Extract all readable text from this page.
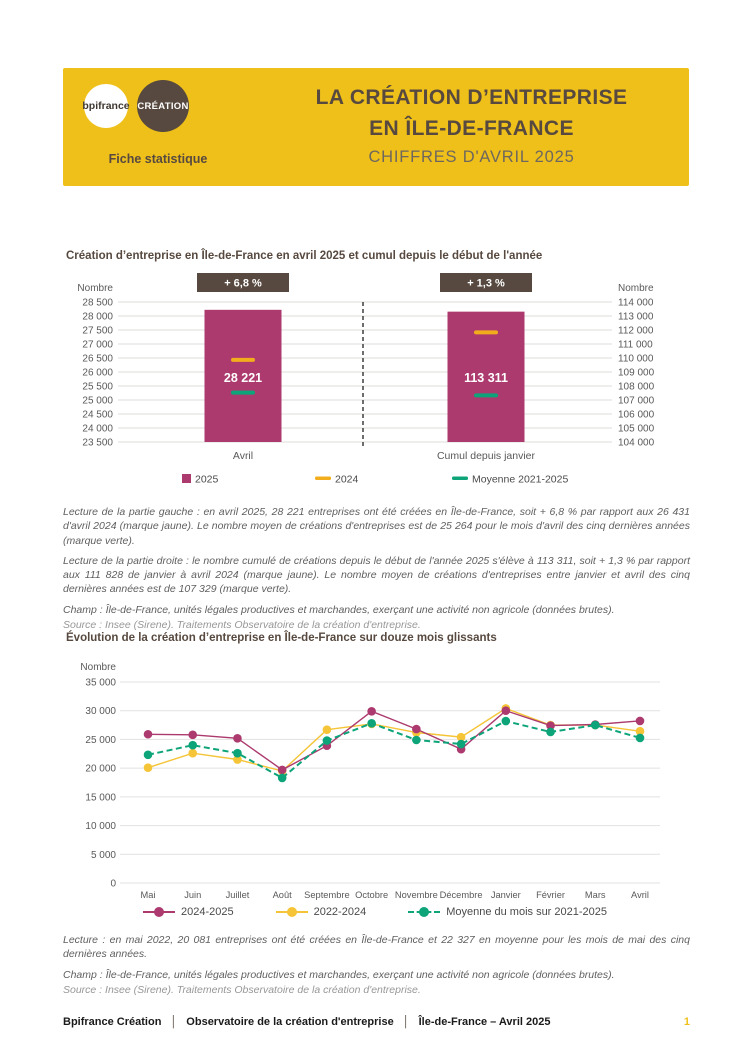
bpifrance CRÉATION
Fiche statistique
LA CRÉATION D’ENTREPRISE
EN ÎLE-DE-FRANCE
CHIFFRES D'AVRIL 2025
Création d’entreprise en Île-de-France en avril 2025 et cumul depuis le début de l'année
28 500	114 000
28 000	113 000
27 500	112 000
27 000	111 000
26 500	110 000
26 000	109 000
25 500	108 000
25 000	107 000
24 500	106 000
24 000	105 000
23 500	104 000
Nombre	Nombre
+ 6,8 %
28 221
Avril
+ 1,3 %
113 311
Cumul depuis janvier
2025	2024	Moyenne 2021-2025

Lecture de la partie gauche : en avril 2025, 28 221 entreprises ont été créées en Île-de-France, soit + 6,8 % par rapport aux 26 431 d'avril 2024 (marque jaune). Le nombre moyen de créations d'entreprises est de 25 264 pour le mois d'avril des cinq dernières années (marque verte).

Lecture de la partie droite : le nombre cumulé de créations depuis le début de l'année 2025 s'élève à 113 311, soit + 1,3 % par rapport aux 111 828 de janvier à avril 2024 (marque jaune). Le nombre moyen de créations d'entreprises entre janvier et avril des cinq dernières années est de 107 329 (marque verte).

Champ : Île-de-France, unités légales productives et marchandes, exerçant une activité non agricole (données brutes).

Source : Insee (Sirene). Traitements Observatoire de la création d'entreprise.

Évolution de la création d’entreprise en Île-de-France sur douze mois glissants
35 000
30 000
25 000
20 000
15 000
10 000
5 000
0
Nombre
Mai	Juin	Juillet	Août Septembre Octobre Novembre Décembre Janvier Février Mars	Avril
2024-2025	2022-2024	Moyenne du mois sur 2021-2025

Lecture : en mai 2022, 20 081 entreprises ont été créées en Île-de-France et 22 327 en moyenne pour les mois de mai des cinq dernières années.

Champ : Île-de-France, unités légales productives et marchandes, exerçant une activité non agricole (données brutes).

Source : Insee (Sirene). Traitements Observatoire de la création d'entreprise.

Bpifrance Création │ Observatoire de la création d'entreprise │ Île-de-France – Avril 2025	1
